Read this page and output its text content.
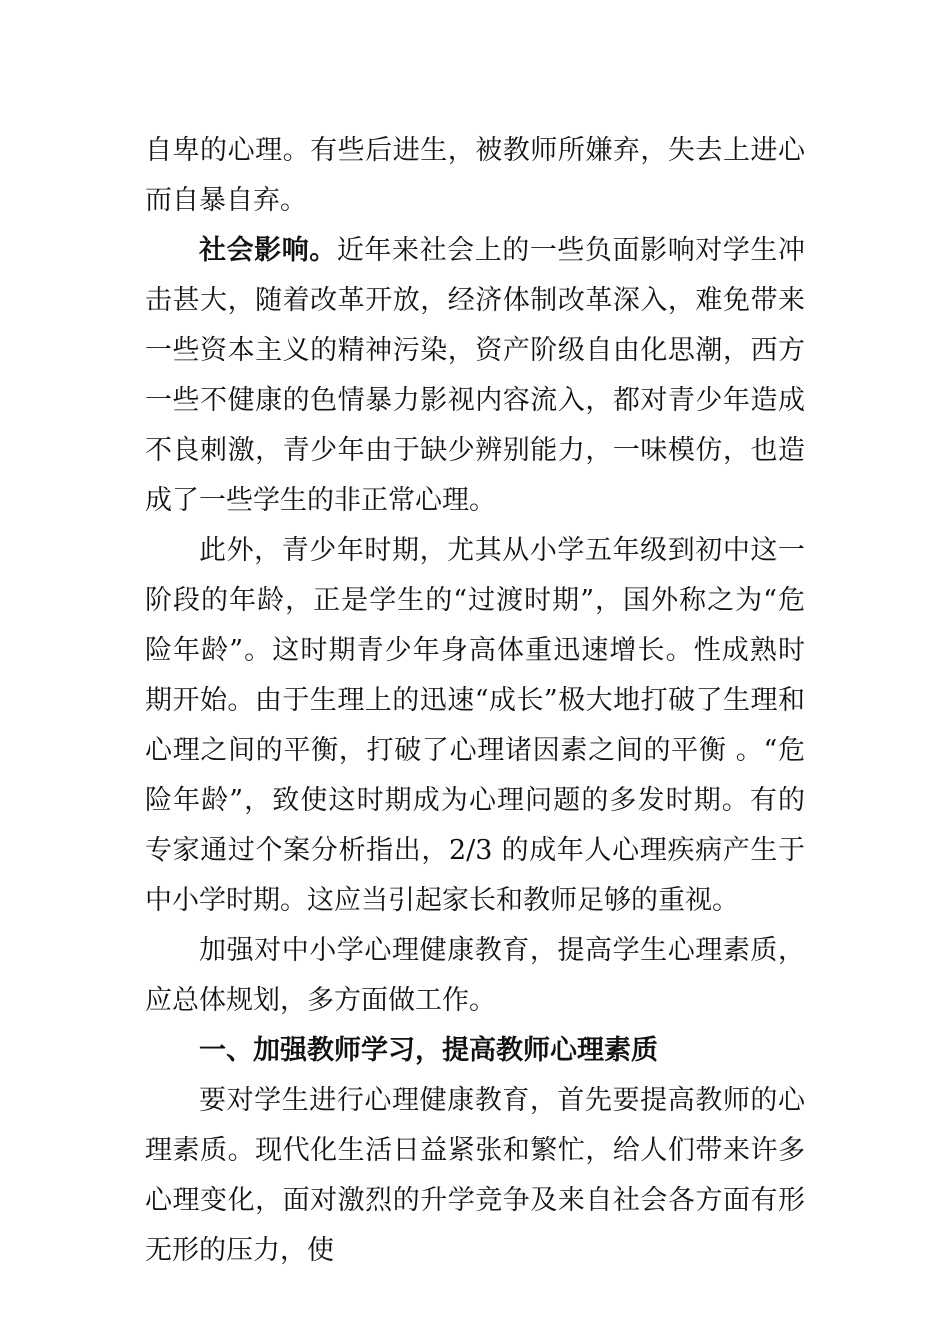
自卑的心理。有些后进生，被教师所嫌弃，失去上进心而自暴自弃。

社会影响。近年来社会上的一些负面影响对学生冲击甚大，随着改革开放，经济体制改革深入，难免带来一些资本主义的精神污染，资产阶级自由化思潮，西方一些不健康的色情暴力影视内容流入，都对青少年造成不良刺激，青少年由于缺少辨别能力，一味模仿，也造成了一些学生的非正常心理。

此外，青少年时期，尤其从小学五年级到初中这一阶段的年龄，正是学生的“过渡时期”，国外称之为“危险年龄”。这时期青少年身高体重迅速增长。性成熟时期开始。由于生理上的迅速“成长”极大地打破了生理和心理之间的平衡，打破了心理诸因素之间的平衡 。“危险年龄”，致使这时期成为心理问题的多发时期。有的专家通过个案分析指出，2/3 的成年人心理疾病产生于中小学时期。这应当引起家长和教师足够的重视。

加强对中小学心理健康教育，提高学生心理素质，应总体规划，多方面做工作。

一、加强教师学习，提高教师心理素质

要对学生进行心理健康教育，首先要提高教师的心理素质。现代化生活日益紧张和繁忙，给人们带来许多心理变化，面对激烈的升学竞争及来自社会各方面有形无形的压力，使
